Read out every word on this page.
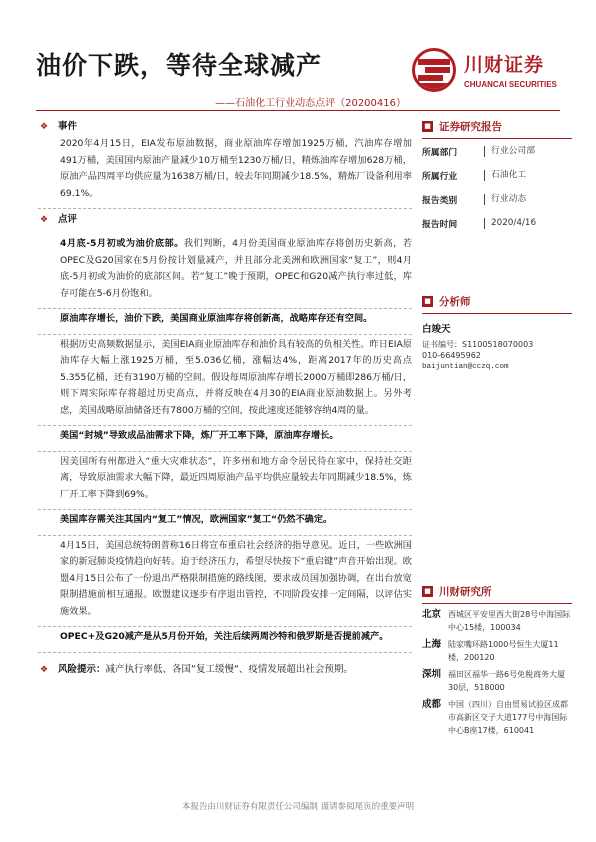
油价下跌，等待全球减产
——石油化工行业动态点评（20200416）
川财证券
CHUANCAI SECURITIES
❖ 事件

2020年4月15日，EIA发布原油数据，商业原油库存增加1925万桶，汽油库存增加491万桶，美国国内原油产量减少10万桶至1230万桶/日，精炼油库存增加628万桶，原油产品四周平均供应量为1638万桶/日，较去年同期减少18.5%，精炼厂设备利用率69.1%。

❖ 点评

4月底-5月初或为油价底部。我们判断，4月份美国商业原油库存将创历史新高，若OPEC及G20国家在5月份按计划量减产，并且部分北美洲和欧洲国家“复工”，则4月底-5月初或为油价的底部区间。若“复工”晚于预期，OPEC和G20减产执行率过低，库存可能在5-6月份饱和。

原油库存增长，油价下跌，美国商业原油库存将创新高，战略库存还有空间。

根据历史高频数据显示，美国EIA商业原油库存和油价具有较高的负相关性。昨日EIA原油库存大幅上涨1925万桶，至5.036亿桶，涨幅达4%，距离2017年的历史高点5.355亿桶，还有3190万桶的空间。假设每周原油库存增长2000万桶即286万桶/日，则下周实际库存将超过历史高点，并将反映在4月30的EIA商业原油数据上。另外考虑，美国战略原油储备还有7800万桶的空间，按此速度还能够容纳4周的量。

美国“封城”导致成品油需求下降，炼厂开工率下降，原油库存增长。

因美国所有州都进入“重大灾难状态”，许多州和地方命令居民待在家中，保持社交距离，导致原油需求大幅下降，最近四周原油产品平均供应量较去年同期减少18.5%，炼厂开工率下降到69%。

美国库存需关注其国内“复工”情况，欧洲国家”复工“仍然不确定。

4月15日，美国总统特朗普称16日将宣布重启社会经济的指导意见。近日，一些欧洲国家的新冠肺炎疫情趋向好转。迫于经济压力，希望尽快按下“重启键”声音开始出现。欧盟4月15日公布了一份退出严格限制措施的路线图，要求成员国加强协调，在出台放宽限制措施前相互通报。欧盟建议逐步有序退出管控，不同阶段安排一定间隔，以评估实施效果。

OPEC+及G20减产是从5月份开始，关注后续两周沙特和俄罗斯是否提前减产。

❖ 风险提示： 减产执行率低、各国“复工缓慢“、疫情发展超出社会预期。
■ 证券研究报告
所属部门	行业公司部
所属行业	石油化工
报告类别	行业动态
报告时间	2020/4/16
■ 分析师
白竣天
证书编号：S1100518070003
010-66495962
baijuntian@cczq.com
■ 川财研究所
北京 西城区平安里西大街28号中海国际中心15楼，100034
上海 陆家嘴环路1000号恒生大厦11楼，200120
深圳 福田区福华一路6号免税商务大厦30层，518000
成都 中国（四川）自由贸易试验区成都市高新区交子大道177号中海国际中心B座17楼，610041
本报告由川财证券有限责任公司编制 谨请参阅尾页的重要声明
